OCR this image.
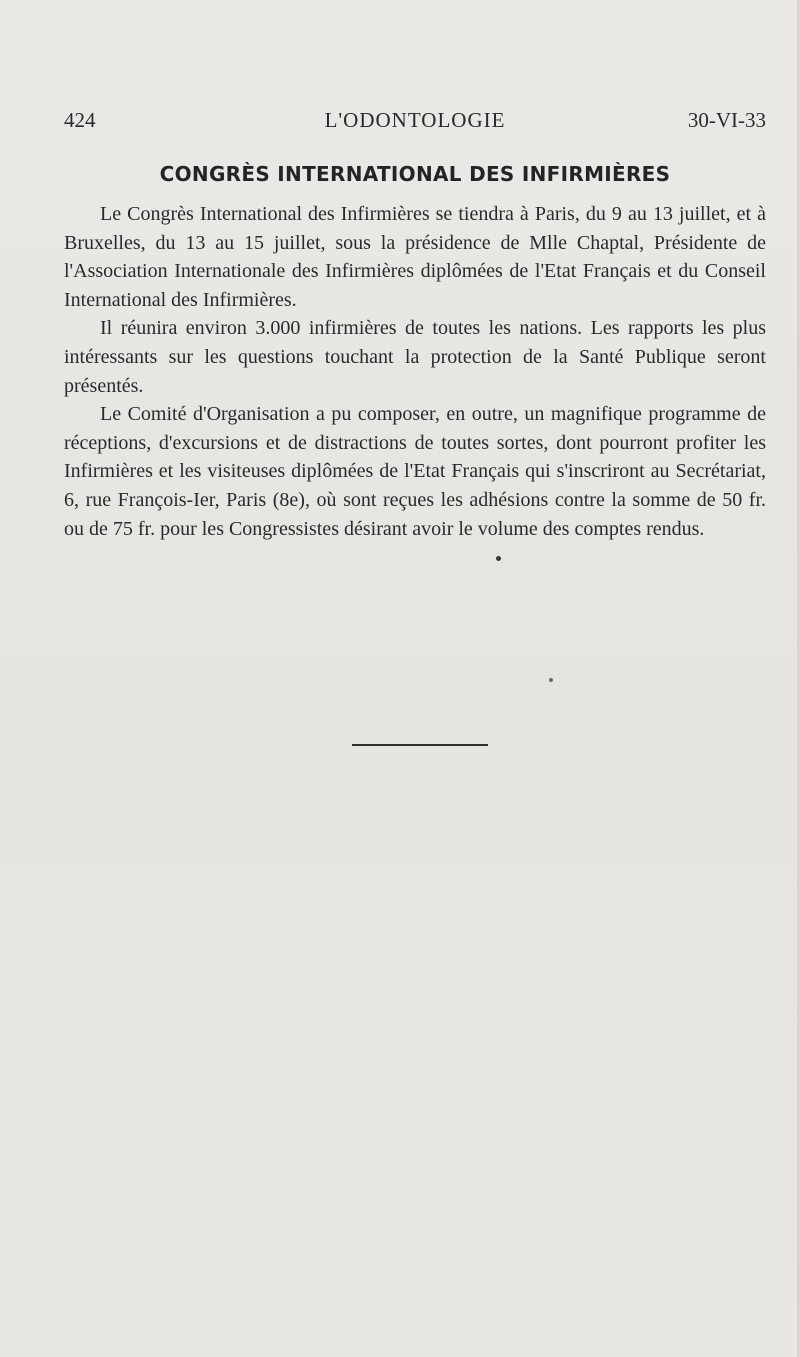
424	L'ODONTOLOGIE	30-VI-33
CONGRÈS INTERNATIONAL DES INFIRMIÈRES

Le Congrès International des Infirmières se tiendra à Paris, du 9 au 13 juillet, et à Bruxelles, du 13 au 15 juillet, sous la présidence de Mlle Chaptal, Présidente de l'Association Internationale des Infirmières diplômées de l'Etat Français et du Conseil International des Infirmières.

Il réunira environ 3.000 infirmières de toutes les nations. Les rapports les plus intéressants sur les questions touchant la protection de la Santé Publique seront présentés.

Le Comité d'Organisation a pu composer, en outre, un magnifique programme de réceptions, d'excursions et de distractions de toutes sortes, dont pourront profiter les Infirmières et les visiteuses diplômées de l'Etat Français qui s'inscriront au Secrétariat, 6, rue François-Ier, Paris (8e), où sont reçues les adhésions contre la somme de 50 fr. ou de 75 fr. pour les Congressistes désirant avoir le volume des comptes rendus.
